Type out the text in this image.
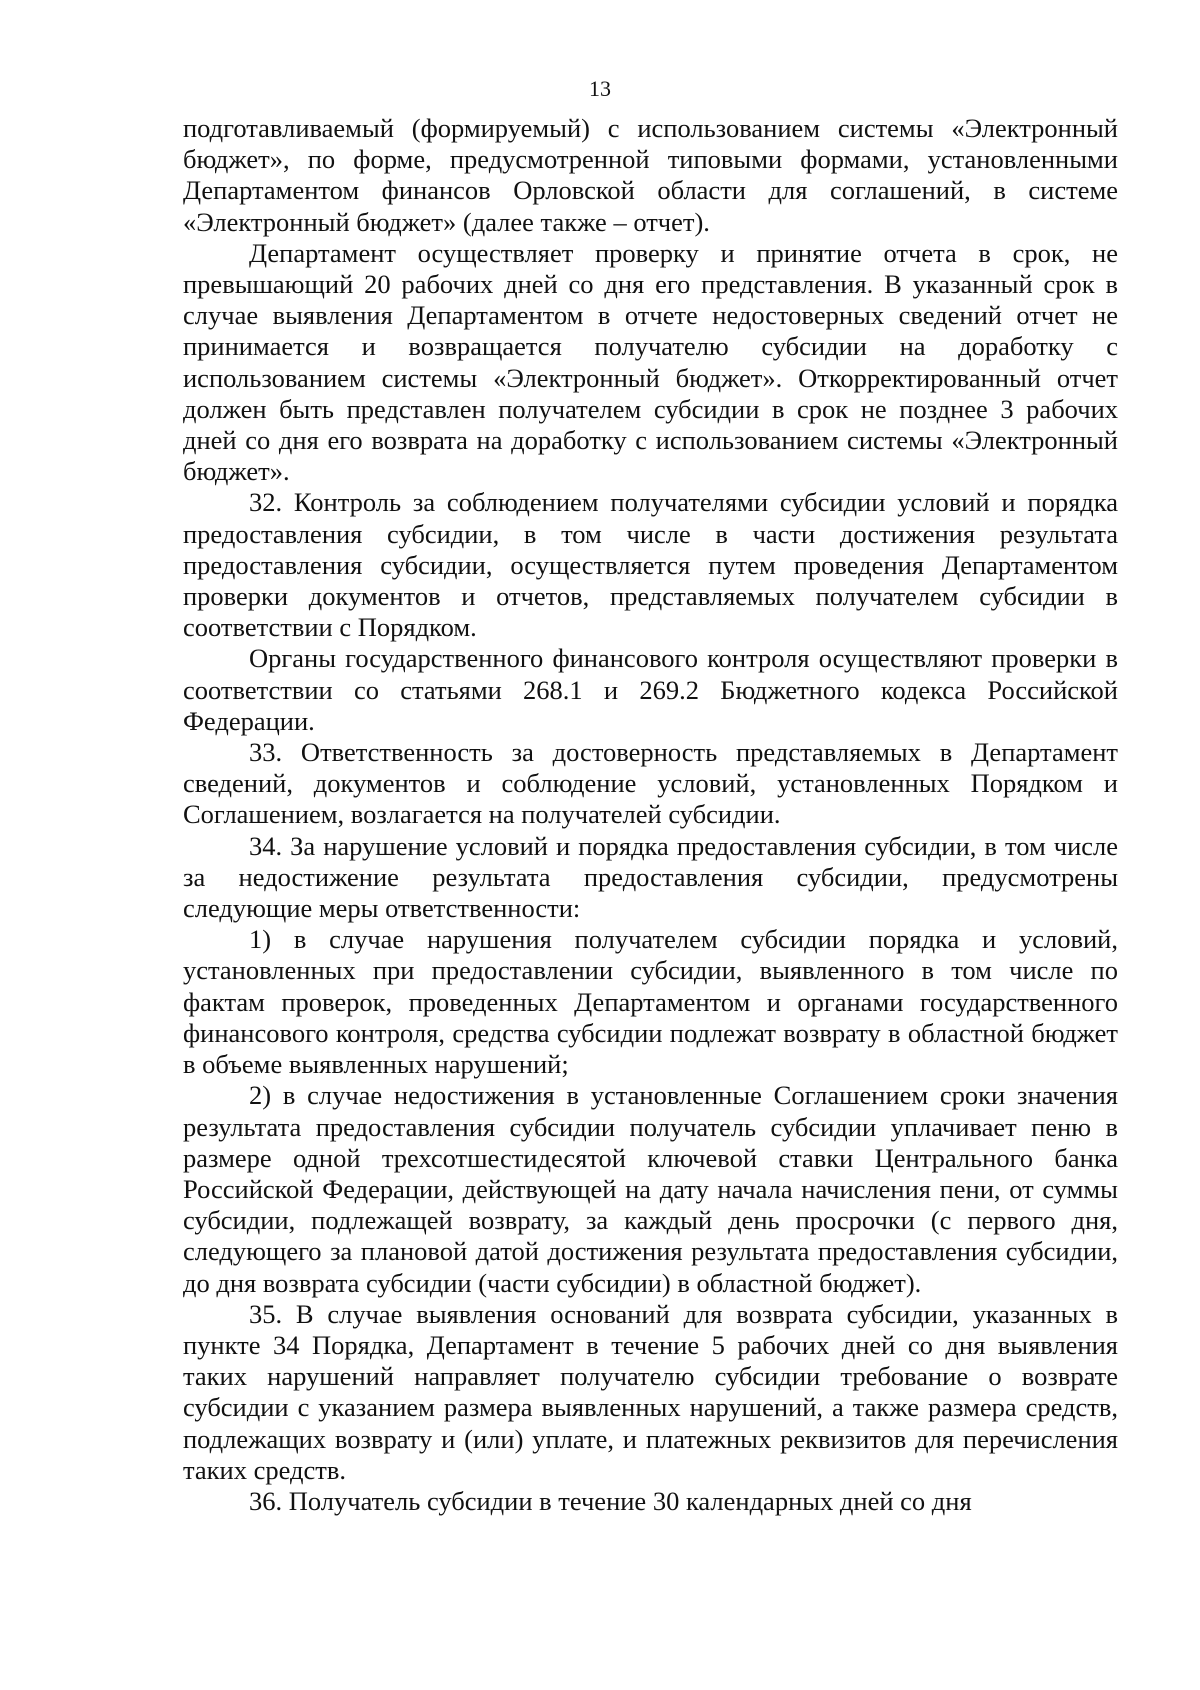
13

подготавливаемый (формируемый) с использованием системы «Электронный бюджет», по форме, предусмотренной типовыми формами, установленными Департаментом финансов Орловской области для соглашений, в системе «Электронный бюджет» (далее также – отчет).

Департамент осуществляет проверку и принятие отчета в срок, не превышающий 20 рабочих дней со дня его представления. В указанный срок в случае выявления Департаментом в отчете недостоверных сведений отчет не принимается и возвращается получателю субсидии на доработку с использованием системы «Электронный бюджет». Откорректированный отчет должен быть представлен получателем субсидии в срок не позднее 3 рабочих дней со дня его возврата на доработку с использованием системы «Электронный бюджет».

32. Контроль за соблюдением получателями субсидии условий и порядка предоставления субсидии, в том числе в части достижения результата предоставления субсидии, осуществляется путем проведения Департаментом проверки документов и отчетов, представляемых получателем субсидии в соответствии с Порядком.

Органы государственного финансового контроля осуществляют проверки в соответствии со статьями 268.1 и 269.2 Бюджетного кодекса Российской Федерации.

33. Ответственность за достоверность представляемых в Департамент сведений, документов и соблюдение условий, установленных Порядком и Соглашением, возлагается на получателей субсидии.

34. За нарушение условий и порядка предоставления субсидии, в том числе за недостижение результата предоставления субсидии, предусмотрены следующие меры ответственности:

1) в случае нарушения получателем субсидии порядка и условий, установленных при предоставлении субсидии, выявленного в том числе по фактам проверок, проведенных Департаментом и органами государственного финансового контроля, средства субсидии подлежат возврату в областной бюджет в объеме выявленных нарушений;

2) в случае недостижения в установленные Соглашением сроки значения результата предоставления субсидии получатель субсидии уплачивает пеню в размере одной трехсотшестидесятой ключевой ставки Центрального банка Российской Федерации, действующей на дату начала начисления пени, от суммы субсидии, подлежащей возврату, за каждый день просрочки (с первого дня, следующего за плановой датой достижения результата предоставления субсидии, до дня возврата субсидии (части субсидии) в областной бюджет).

35. В случае выявления оснований для возврата субсидии, указанных в пункте 34 Порядка, Департамент в течение 5 рабочих дней со дня выявления таких нарушений направляет получателю субсидии требование о возврате субсидии с указанием размера выявленных нарушений, а также размера средств, подлежащих возврату и (или) уплате, и платежных реквизитов для перечисления таких средств.

36. Получатель субсидии в течение 30 календарных дней со дня
